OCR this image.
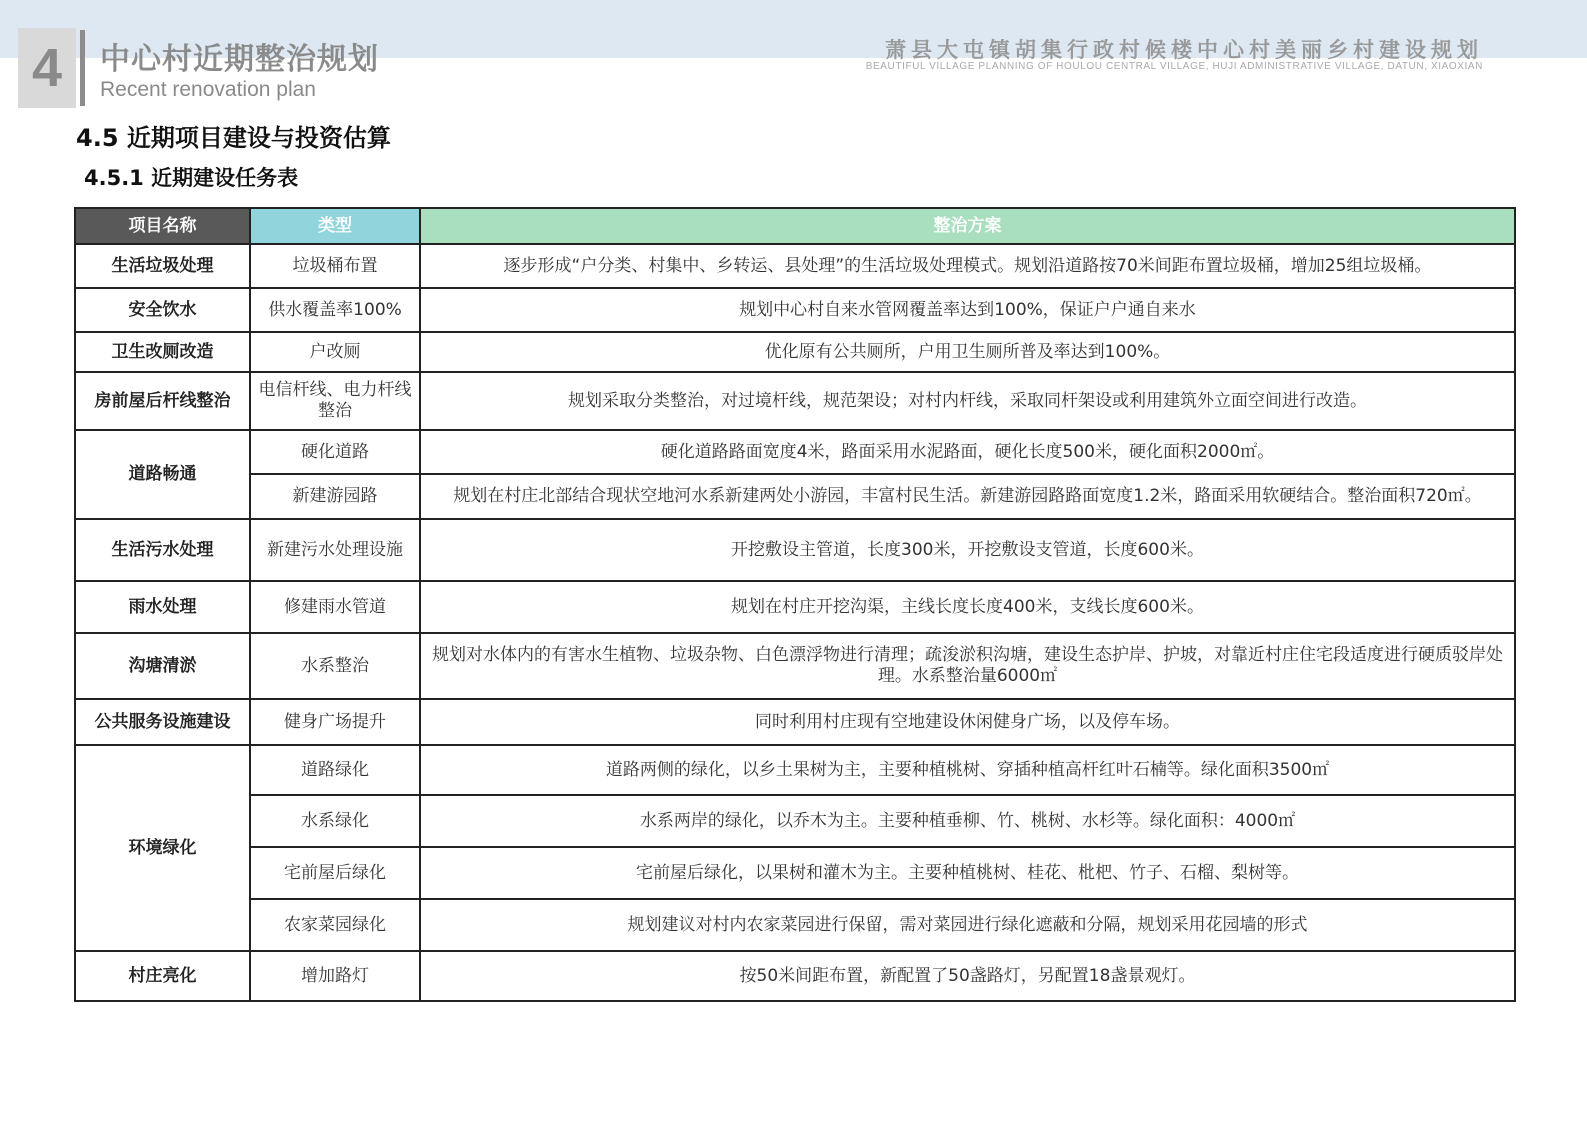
4	中心村近期整治规划
Recent renovation plan
萧县大屯镇胡集行政村候楼中心村美丽乡村建设规划
BEAUTIFUL VILLAGE PLANNING OF HOULOU CENTRAL VILLAGE, HUJI ADMINISTRATIVE VILLAGE, DATUN, XIAOXIAN
4.5 近期项目建设与投资估算
4.5.1 近期建设任务表
项目名称	类型	整治方案
生活垃圾处理	垃圾桶布置	逐步形成“户分类、村集中、乡转运、县处理”的生活垃圾处理模式。规划沿道路按70米间距布置垃圾桶，增加25组垃圾桶。
安全饮水	供水覆盖率100%	规划中心村自来水管网覆盖率达到100%，保证户户通自来水
卫生改厕改造	户改厕	优化原有公共厕所，户用卫生厕所普及率达到100%。
房前屋后杆线整治	电信杆线、电力杆线整治	规划采取分类整治，对过境杆线，规范架设；对村内杆线，采取同杆架设或利用建筑外立面空间进行改造。
道路畅通	硬化道路	硬化道路路面宽度4米，路面采用水泥路面，硬化长度500米，硬化面积2000㎡。
	新建游园路	规划在村庄北部结合现状空地河水系新建两处小游园，丰富村民生活。新建游园路路面宽度1.2米，路面采用软硬结合。整治面积720㎡。
生活污水处理	新建污水处理设施	开挖敷设主管道，长度300米，开挖敷设支管道，长度600米。
雨水处理	修建雨水管道	规划在村庄开挖沟渠，主线长度长度400米，支线长度600米。
沟塘清淤	水系整治	规划对水体内的有害水生植物、垃圾杂物、白色漂浮物进行清理；疏浚淤积沟塘，建设生态护岸、护坡，对靠近村庄住宅段适度进行硬质驳岸处理。水系整治量6000㎡
公共服务设施建设	健身广场提升	同时利用村庄现有空地建设休闲健身广场，以及停车场。
环境绿化	道路绿化	道路两侧的绿化，以乡土果树为主，主要种植桃树、穿插种植高杆红叶石楠等。绿化面积3500㎡
	水系绿化	水系两岸的绿化，以乔木为主。主要种植垂柳、竹、桃树、水杉等。绿化面积：4000㎡
	宅前屋后绿化	宅前屋后绿化，以果树和灌木为主。主要种植桃树、桂花、枇杷、竹子、石榴、梨树等。
	农家菜园绿化	规划建议对村内农家菜园进行保留，需对菜园进行绿化遮蔽和分隔，规划采用花园墙的形式
村庄亮化	增加路灯	按50米间距布置，新配置了50盏路灯，另配置18盏景观灯。
